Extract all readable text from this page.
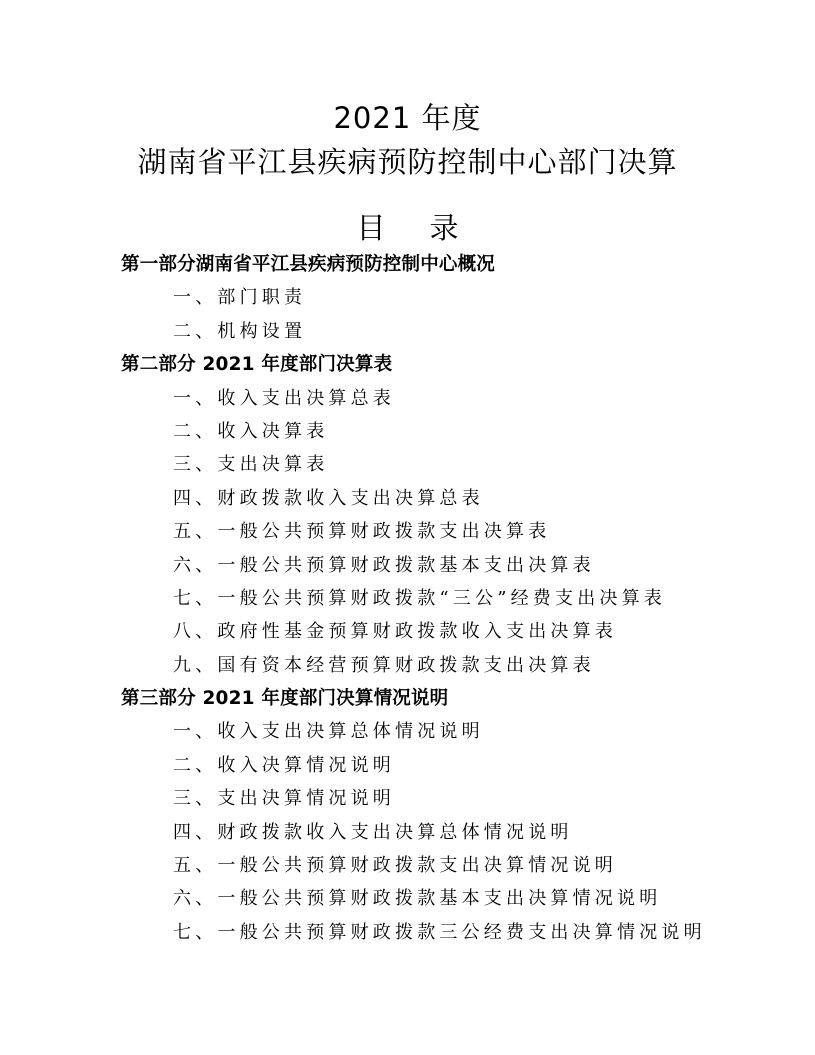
2021 年度
湖南省平江县疾病预防控制中心部门决算
目 录
第一部分湖南省平江县疾病预防控制中心概况
一、部门职责
二、机构设置
第二部分 2021 年度部门决算表
一、收入支出决算总表
二、收入决算表
三、支出决算表
四、财政拨款收入支出决算总表
五、一般公共预算财政拨款支出决算表
六、一般公共预算财政拨款基本支出决算表
七、一般公共预算财政拨款“三公”经费支出决算表
八、政府性基金预算财政拨款收入支出决算表
九、国有资本经营预算财政拨款支出决算表
第三部分 2021 年度部门决算情况说明
一、收入支出决算总体情况说明
二、收入决算情况说明
三、支出决算情况说明
四、财政拨款收入支出决算总体情况说明
五、一般公共预算财政拨款支出决算情况说明
六、一般公共预算财政拨款基本支出决算情况说明
七、一般公共预算财政拨款三公经费支出决算情况说明
